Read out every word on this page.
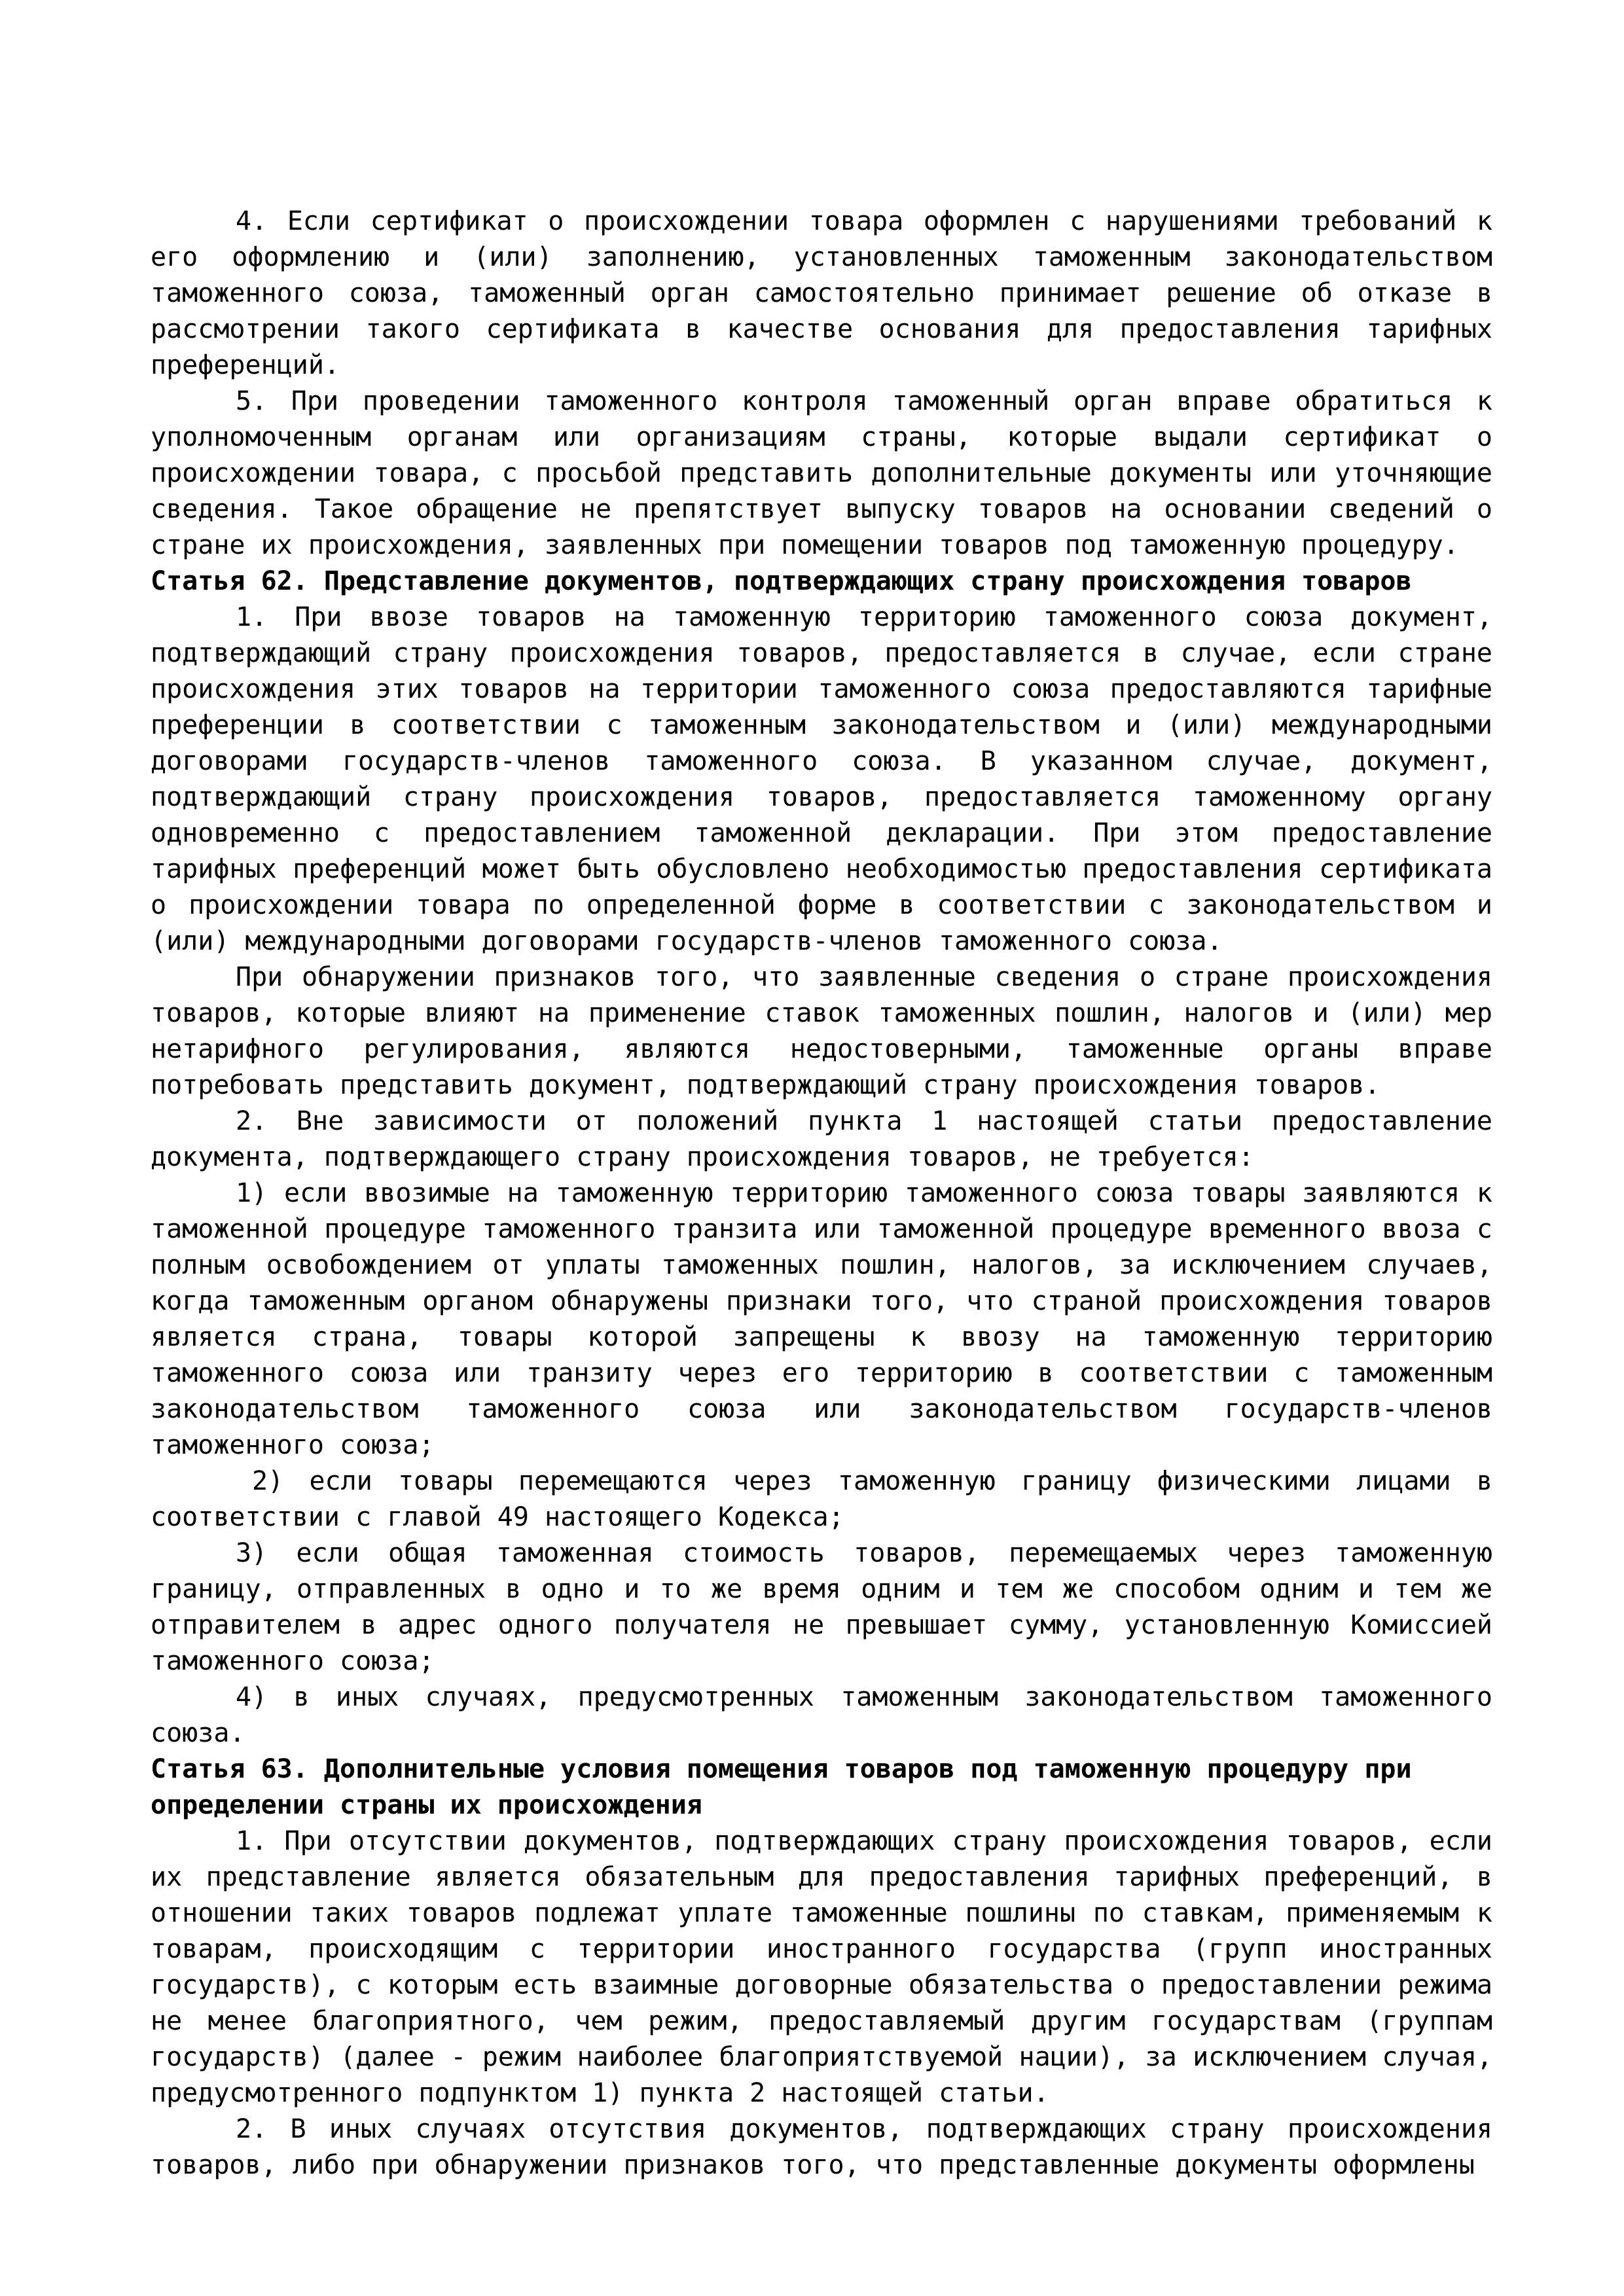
4. Если сертификат о происхождении товара оформлен с нарушениями требований к его оформлению и (или) заполнению, установленных таможенным законодательством таможенного союза, таможенный орган самостоятельно принимает решение об отказе в рассмотрении такого сертификата в качестве основания для предоставления тарифных преференций.

5. При проведении таможенного контроля таможенный орган вправе обратиться к уполномоченным органам или организациям страны, которые выдали сертификат о происхождении товара, с просьбой представить дополнительные документы или уточняющие сведения. Такое обращение не препятствует выпуску товаров на основании сведений о стране их происхождения, заявленных при помещении товаров под таможенную процедуру.

Статья 62. Представление документов, подтверждающих страну происхождения товаров

1. При ввозе товаров на таможенную территорию таможенного союза документ, подтверждающий страну происхождения товаров, предоставляется в случае, если стране происхождения этих товаров на территории таможенного союза предоставляются тарифные преференции в соответствии с таможенным законодательством и (или) международными договорами государств-членов таможенного союза. В указанном случае, документ, подтверждающий страну происхождения товаров, предоставляется таможенному органу одновременно с предоставлением таможенной декларации. При этом предоставление тарифных преференций может быть обусловлено необходимостью предоставления сертификата о происхождении товара по определенной форме в соответствии с законодательством и (или) международными договорами государств-членов таможенного союза.

При обнаружении признаков того, что заявленные сведения о стране происхождения товаров, которые влияют на применение ставок таможенных пошлин, налогов и (или) мер нетарифного регулирования, являются недостоверными, таможенные органы вправе потребовать представить документ, подтверждающий страну происхождения товаров.

2. Вне зависимости от положений пункта 1 настоящей статьи предоставление документа, подтверждающего страну происхождения товаров, не требуется:

1) если ввозимые на таможенную территорию таможенного союза товары заявляются к таможенной процедуре таможенного транзита или таможенной процедуре временного ввоза с полным освобождением от уплаты таможенных пошлин, налогов, за исключением случаев, когда таможенным органом обнаружены признаки того, что страной происхождения товаров является страна, товары которой запрещены к ввозу на таможенную территорию таможенного союза или транзиту через его территорию в соответствии с таможенным законодательством таможенного союза или законодательством государств-членов таможенного союза;

2) если товары перемещаются через таможенную границу физическими лицами в соответствии с главой 49 настоящего Кодекса;

3) если общая таможенная стоимость товаров, перемещаемых через таможенную границу, отправленных в одно и то же время одним и тем же способом одним и тем же отправителем в адрес одного получателя не превышает сумму, установленную Комиссией таможенного союза;

4) в иных случаях, предусмотренных таможенным законодательством таможенного союза.

Статья 63. Дополнительные условия помещения товаров под таможенную процедуру при определении страны их происхождения

1. При отсутствии документов, подтверждающих страну происхождения товаров, если их представление является обязательным для предоставления тарифных преференций, в отношении таких товаров подлежат уплате таможенные пошлины по ставкам, применяемым к товарам, происходящим с территории иностранного государства (групп иностранных государств), с которым есть взаимные договорные обязательства о предоставлении режима не менее благоприятного, чем режим, предоставляемый другим государствам (группам государств) (далее - режим наиболее благоприятствуемой нации), за исключением случая, предусмотренного подпунктом 1) пункта 2 настоящей статьи.

2. В иных случаях отсутствия документов, подтверждающих страну происхождения товаров, либо при обнаружении признаков того, что представленные документы оформлены
